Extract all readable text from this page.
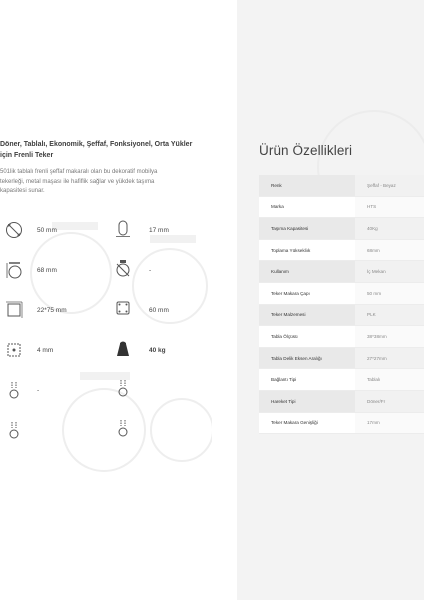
Döner, Tablalı, Ekonomik, Şeffaf, Fonksiyonel, Orta Yükler
için Frenli Teker
501lik tablalı frenli şeffaf makaralı olan bu dekoratif mobilya
tekerleği, metal maşası ile hafiflik sağlar ve yükdek taşıma
kapasitesi sunar.
50 mm	17 mm
68 mm	-
22*75 mm	60 mm
4 mm	40 kg
-
Ürün Özellikleri
Renk	Şeffaf - Beyaz
Marka	HTS
Taşıma Kapasitesi	40Kg
Toplama Yüksekliık	68mm
Kullanım	İç Mekan
Teker Makara Çapı	50 mm
Teker Malzemesi	PLK
Tabla Ölçüsü	38*38mm
Tabla Delik Eksen Aralığı	27*27mm
Bağlantı Tipi	Tablalı
Hareket Tipi	Döner/Fr
Teker Makara Genişliği	17mm
